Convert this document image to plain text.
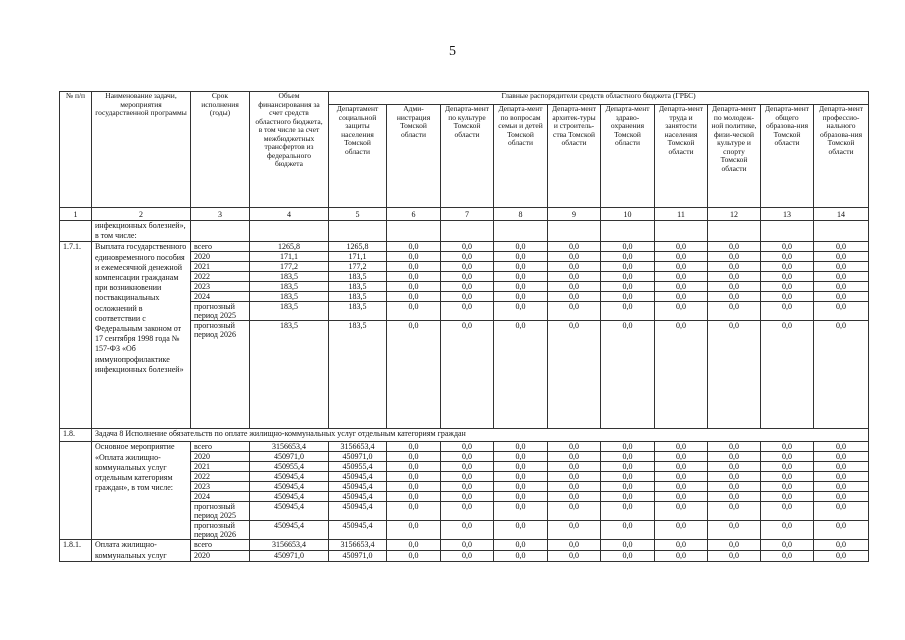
5
№ п/п	Наименование задачи, мероприятия государственной программы	Срок исполнения (годы)	Объем финансирования за счет средств областного бюджета, в том числе за счет межбюджетных трансфертов из федерального бюджета	Главные распорядители средств областного бюджета (ГРБС)									
				Департамент социальной защиты населения Томской области	Адми-нистрация Томской области	Департа-мент по культуре Томской области	Департа-мент по вопросам семьи и детей Томской области	Департа-мент архитек-туры и строитель-ства Томской области	Департа-мент здраво-охранения Томской области	Департа-мент труда и занятости населения Томской области	Департа-мент по молодеж-ной политике, физи-ческой культуре и спорту Томской области	Департа-мент общего образова-ния Томской области	Департа-мент профессио-нального образова-ния Томской области
1	2	3	4	5	6	7	8	9	10	11	12	13	14
	инфекционных болезней», в том числе:												
1.7.1.	Выплата государственного единовременного пособия и ежемесячной денежной компенсации гражданам при возникновении поствакцинальных осложнений в соответствии с Федеральным законом от 17 сентября 1998 года № 157-ФЗ «Об иммунопрофилактике инфекционных болезней»	всего	1265,8	1265,8	0,0	0,0	0,0	0,0	0,0	0,0	0,0	0,0	0,0
		2020	171,1	171,1	0,0	0,0	0,0	0,0	0,0	0,0	0,0	0,0	0,0
		2021	177,2	177,2	0,0	0,0	0,0	0,0	0,0	0,0	0,0	0,0	0,0
		2022	183,5	183,5	0,0	0,0	0,0	0,0	0,0	0,0	0,0	0,0	0,0
		2023	183,5	183,5	0,0	0,0	0,0	0,0	0,0	0,0	0,0	0,0	0,0
		2024	183,5	183,5	0,0	0,0	0,0	0,0	0,0	0,0	0,0	0,0	0,0
		прогнозный период 2025	183,5	183,5	0,0	0,0	0,0	0,0	0,0	0,0	0,0	0,0	0,0
		прогнозный период 2026	183,5	183,5	0,0	0,0	0,0	0,0	0,0	0,0	0,0	0,0	0,0
1.8.	Задача 8 Исполнение обязательств по оплате жилищно-коммунальных услуг отдельным категориям граждан												
	Основное мероприятие «Оплата жилищно-коммунальных услуг отдельным категориям граждан», в том числе:	всего	3156653,4	3156653,4	0,0	0,0	0,0	0,0	0,0	0,0	0,0	0,0	0,0
		2020	450971,0	450971,0	0,0	0,0	0,0	0,0	0,0	0,0	0,0	0,0	0,0
		2021	450955,4	450955,4	0,0	0,0	0,0	0,0	0,0	0,0	0,0	0,0	0,0
		2022	450945,4	450945,4	0,0	0,0	0,0	0,0	0,0	0,0	0,0	0,0	0,0
		2023	450945,4	450945,4	0,0	0,0	0,0	0,0	0,0	0,0	0,0	0,0	0,0
		2024	450945,4	450945,4	0,0	0,0	0,0	0,0	0,0	0,0	0,0	0,0	0,0
		прогнозный период 2025	450945,4	450945,4	0,0	0,0	0,0	0,0	0,0	0,0	0,0	0,0	0,0
		прогнозный период 2026	450945,4	450945,4	0,0	0,0	0,0	0,0	0,0	0,0	0,0	0,0	0,0
1.8.1.	Оплата жилищно-коммунальных услуг	всего	3156653,4	3156653,4	0,0	0,0	0,0	0,0	0,0	0,0	0,0	0,0	0,0
		2020	450971,0	450971,0	0,0	0,0	0,0	0,0	0,0	0,0	0,0	0,0	0,0
